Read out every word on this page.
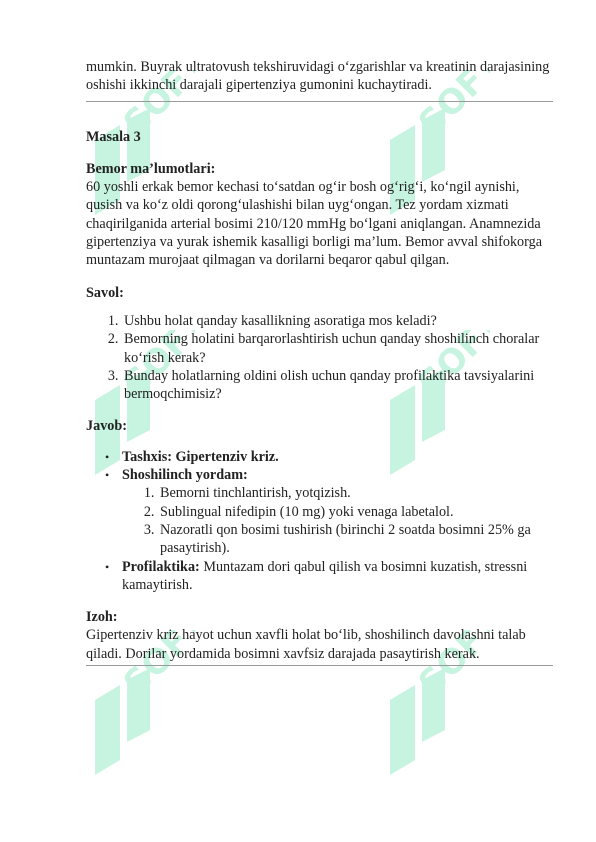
SOFT
SOFT
SOFT
SOFT
SOFT
SOFT

mumkin. Buyrak ultratovush tekshiruvidagi o‘zgarishlar va kreatinin darajasining oshishi ikkinchi darajali gipertenziya gumonini kuchaytiradi.

Masala 3

Bemor ma’lumotlari:

60 yoshli erkak bemor kechasi to‘satdan og‘ir bosh og‘rig‘i, ko‘ngil aynishi, qusish va ko‘z oldi qorong‘ulashishi bilan uyg‘ongan. Tez yordam xizmati chaqirilganida arterial bosimi 210/120 mmHg bo‘lgani aniqlangan. Anamnezida gipertenziya va yurak ishemik kasalligi borligi ma’lum. Bemor avval shifokorga muntazam murojaat qilmagan va dorilarni beqaror qabul qilgan.

Savol:

1. Ushbu holat qanday kasallikning asoratiga mos keladi?
2. Bemorning holatini barqarorlashtirish uchun qanday shoshilinch choralar ko‘rish kerak?
3. Bunday holatlarning oldini olish uchun qanday profilaktika tavsiyalarini bermoqchimisiz?

Javob:

• Tashxis: Gipertenziv kriz.
• Shoshilinch yordam:
1. Bemorni tinchlantirish, yotqizish.
2. Sublingual nifedipin (10 mg) yoki venaga labetalol.
3. Nazoratli qon bosimi tushirish (birinchi 2 soatda bosimni 25% ga pasaytirish).
• Profilaktika: Muntazam dori qabul qilish va bosimni kuzatish, stressni kamaytirish.

Izoh:

Gipertenziv kriz hayot uchun xavfli holat bo‘lib, shoshilinch davolashni talab qiladi. Dorilar yordamida bosimni xavfsiz darajada pasaytirish kerak.
